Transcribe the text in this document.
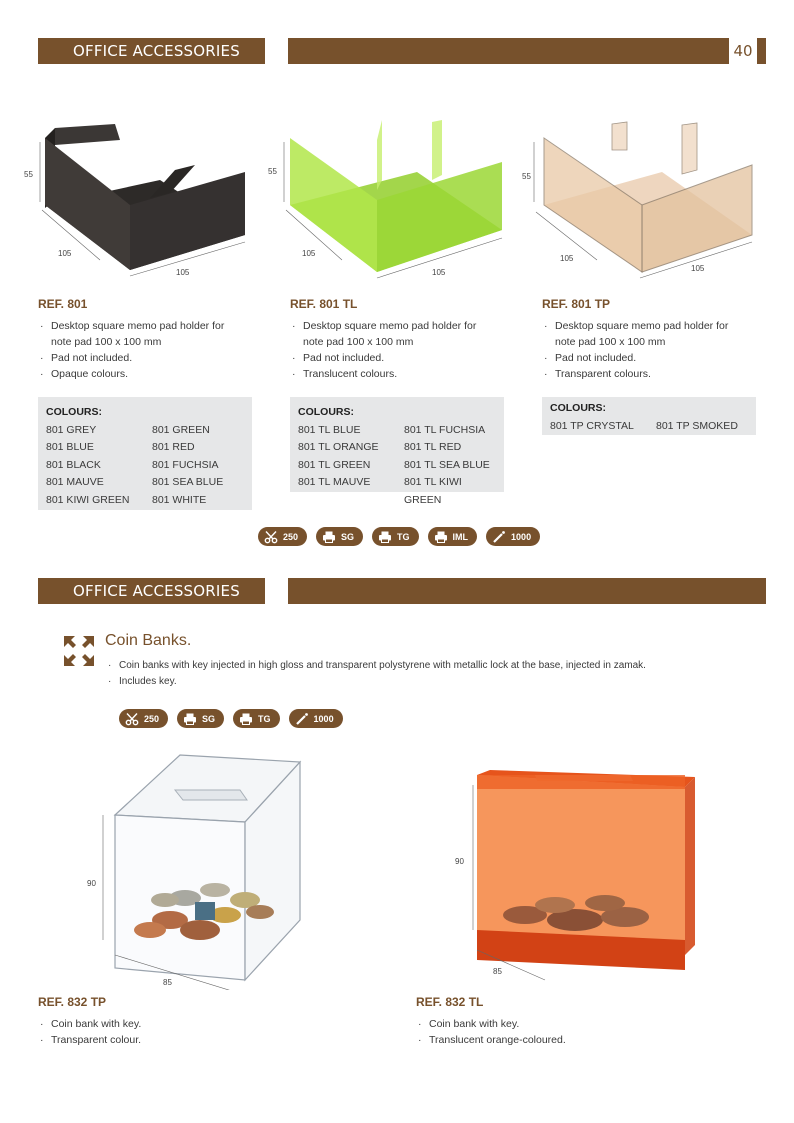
OFFICE ACCESSORIES	40
55
105
105
55
105
105
55
105
105
REF. 801	REF. 801 TL	REF. 801 TP
· Desktop square memo pad holder for
note pad 100 x 100 mm
· Pad not included.
· Opaque colours.
· Desktop square memo pad holder for
note pad 100 x 100 mm
· Pad not included.
· Translucent colours.
· Desktop square memo pad holder for
note pad 100 x 100 mm
· Pad not included.
· Transparent colours.
COLOURS:
801 GREY	801 GREEN
801 BLUE	801 RED
801 BLACK	801 FUCHSIA
801 MAUVE	801 SEA BLUE
801 KIWI GREEN	801 WHITE
COLOURS:
801 TL BLUE	801 TL FUCHSIA
801 TL ORANGE	801 TL RED
801 TL GREEN	801 TL SEA BLUE
801 TL MAUVE	801 TL KIWI GREEN
COLOURS:
801 TP CRYSTAL	801 TP SMOKED
250	SG	TG	IML	1000
OFFICE ACCESSORIES
Coin Banks.
· Coin banks with key injected in high gloss and transparent polystyrene with metallic lock at the base, injected in zamak.
· Includes key.
250	SG	TG	1000
90
85
90
85
REF. 832 TP
· Coin bank with key.
· Transparent colour.
REF. 832 TL
· Coin bank with key.
· Translucent orange-coloured.
